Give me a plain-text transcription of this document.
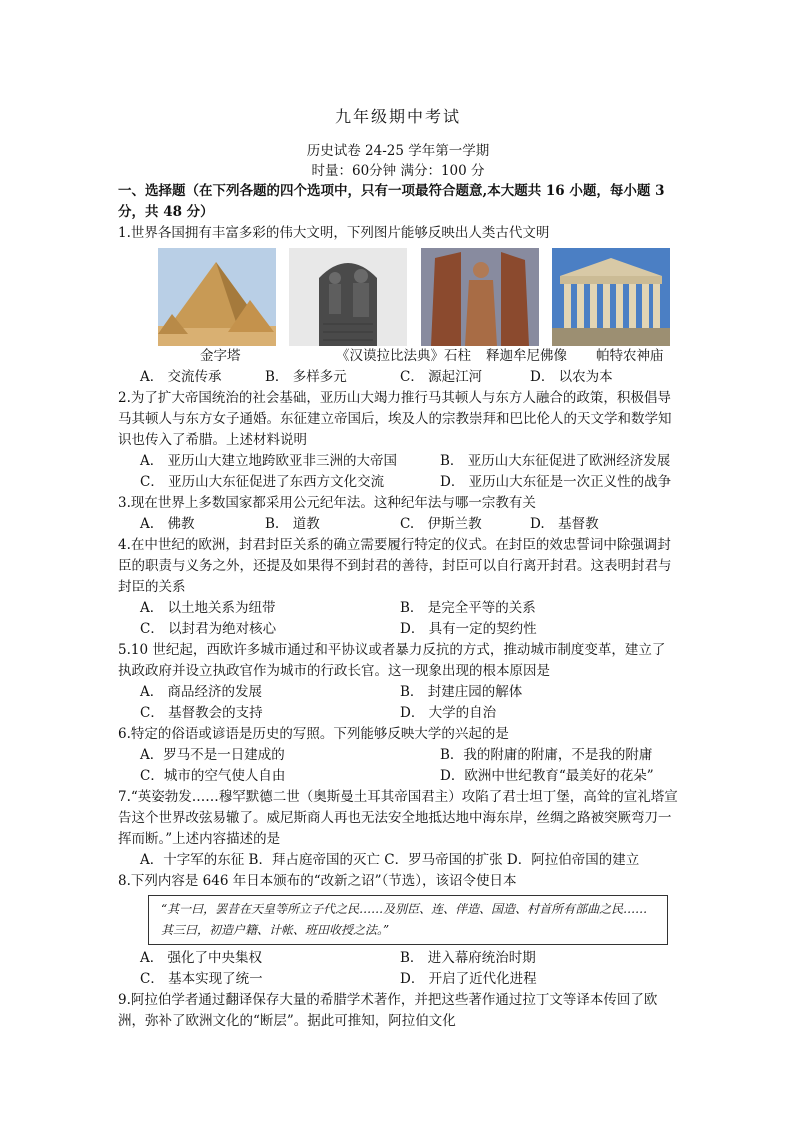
九年级期中考试

历史试卷 24-25 学年第一学期

时量：60分钟 满分：100 分

一、选择题（在下列各题的四个选项中，只有一项最符合题意,本大题共 16 小题，每小题 3 分，共 48 分）

1.世界各国拥有丰富多彩的伟大文明，下列图片能够反映出人类古代文明

金字塔	《汉谟拉比法典》石柱	释迦牟尼佛像	帕特农神庙
A． 交流传承	B． 多样多元	C． 源起江河	D． 以农为本

2.为了扩大帝国统治的社会基础，亚历山大竭力推行马其顿人与东方人融合的政策，积极倡导马其顿人与东方女子通婚。东征建立帝国后，埃及人的宗教崇拜和巴比伦人的天文学和数学知识也传入了希腊。上述材料说明

A． 亚历山大建立地跨欧亚非三洲的大帝国	B． 亚历山大东征促进了欧洲经济发展
C． 亚历山大东征促进了东西方文化交流	D． 亚历山大东征是一次正义性的战争

3.现在世界上多数国家都采用公元纪年法。这种纪年法与哪一宗教有关

A.　佛教	B.　道教	C.　伊斯兰教	D.　基督教

4.在中世纪的欧洲，封君封臣关系的确立需要履行特定的仪式。在封臣的效忠誓词中除强调封臣的职责与义务之外，还提及如果得不到封君的善待，封臣可以自行离开封君。这表明封君与封臣的关系

A． 以土地关系为纽带	B． 是完全平等的关系
C． 以封君为绝对核心	D． 具有一定的契约性

5.10 世纪起，西欧许多城市通过和平协议或者暴力反抗的方式，推动城市制度变革，建立了执政政府并设立执政官作为城市的行政长官。这一现象出现的根本原因是

A． 商品经济的发展	B． 封建庄园的解体
C． 基督教会的支持	D． 大学的自治

6.特定的俗语或谚语是历史的写照。下列能够反映大学的兴起的是

A．罗马不是一日建成的	B．我的附庸的附庸，不是我的附庸
C．城市的空气使人自由	D．欧洲中世纪教育“最美好的花朵”

7.“英姿勃发……穆罕默德二世（奥斯曼土耳其帝国君主）攻陷了君士坦丁堡，高耸的宣礼塔宣告这个世界改弦易辙了。威尼斯商人再也无法安全地抵达地中海东岸，丝绸之路被突厥弯刀一挥而断。”上述内容描述的是

A．十字军的东征 B．拜占庭帝国的灭亡 C．罗马帝国的扩张 D．阿拉伯帝国的建立

8.下列内容是 646 年日本颁布的“改新之诏”（节选），该诏令使日本

“其一曰，罢昔在天皇等所立子代之民……及别臣、连、伴造、国造、村首所有部曲之民……其三曰，初造户籍、计帐、班田收授之法。”
A． 强化了中央集权	B． 进入幕府统治时期
C． 基本实现了统一	D． 开启了近代化进程

9.阿拉伯学者通过翻译保存大量的希腊学术著作，并把这些著作通过拉丁文等译本传回了欧洲，弥补了欧洲文化的“断层”。据此可推知，阿拉伯文化
